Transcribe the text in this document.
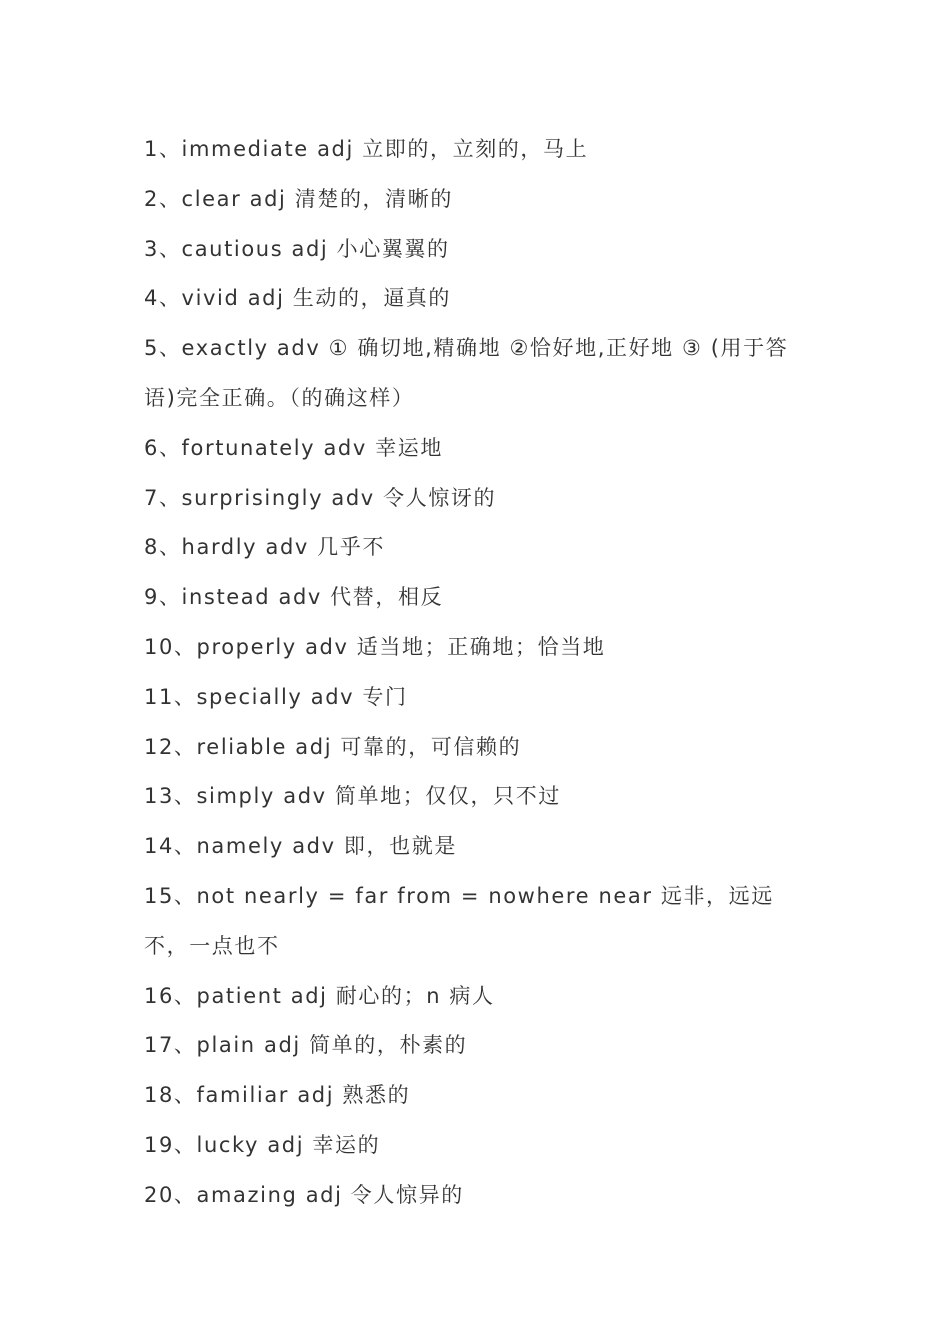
1、immediate adj 立即的，立刻的，马上
2、clear adj 清楚的，清晰的
3、cautious adj 小心翼翼的
4、vivid adj 生动的，逼真的
5、exactly adv ① 确切地,精确地 ②恰好地,正好地 ③ (用于答语)完全正确。（的确这样）
6、fortunately adv 幸运地
7、surprisingly adv 令人惊讶的
8、hardly adv 几乎不
9、instead adv 代替，相反
10、properly adv 适当地；正确地；恰当地
11、specially adv 专门
12、reliable adj 可靠的，可信赖的
13、simply adv 简单地；仅仅，只不过
14、namely adv 即，也就是
15、not nearly = far from = nowhere near 远非，远远不，一点也不
16、patient adj 耐心的；n 病人
17、plain adj 简单的，朴素的
18、familiar adj 熟悉的
19、lucky adj 幸运的
20、amazing adj 令人惊异的
